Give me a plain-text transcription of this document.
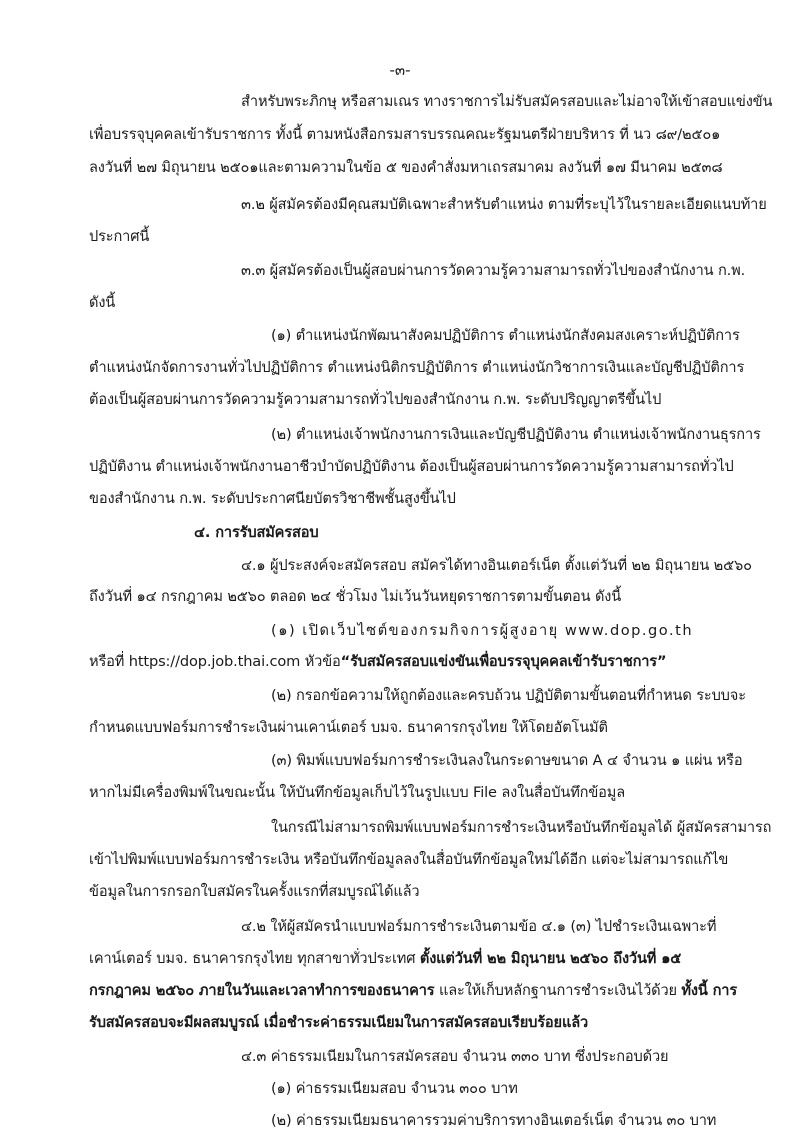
-๓-

สำหรับพระภิกษุ หรือสามเณร ทางราชการไม่รับสมัครสอบและไม่อาจให้เข้าสอบแข่งขัน

เพื่อบรรจุบุคคลเข้ารับราชการ ทั้งนี้ ตามหนังสือกรมสารบรรณคณะรัฐมนตรีฝ่ายบริหาร ที่ นว ๘๙/๒๕๐๑

ลงวันที่ ๒๗ มิถุนายน ๒๕๐๑และตามความในข้อ ๕ ของคำสั่งมหาเถรสมาคม ลงวันที่ ๑๗ มีนาคม ๒๕๓๘

๓.๒ ผู้สมัครต้องมีคุณสมบัติเฉพาะสำหรับตำแหน่ง ตามที่ระบุไว้ในรายละเอียดแนบท้าย

ประกาศนี้

๓.๓ ผู้สมัครต้องเป็นผู้สอบผ่านการวัดความรู้ความสามารถทั่วไปของสำนักงาน ก.พ.

ดังนี้

(๑) ตำแหน่งนักพัฒนาสังคมปฏิบัติการ ตำแหน่งนักสังคมสงเคราะห์ปฏิบัติการ

ตำแหน่งนักจัดการงานทั่วไปปฏิบัติการ ตำแหน่งนิติกรปฏิบัติการ ตำแหน่งนักวิชาการเงินและบัญชีปฏิบัติการ

ต้องเป็นผู้สอบผ่านการวัดความรู้ความสามารถทั่วไปของสำนักงาน ก.พ. ระดับปริญญาตรีขึ้นไป

(๒) ตำแหน่งเจ้าพนักงานการเงินและบัญชีปฏิบัติงาน ตำแหน่งเจ้าพนักงานธุรการ

ปฏิบัติงาน ตำแหน่งเจ้าพนักงานอาชีวบำบัดปฏิบัติงาน ต้องเป็นผู้สอบผ่านการวัดความรู้ความสามารถทั่วไป

ของสำนักงาน ก.พ. ระดับประกาศนียบัตรวิชาชีพชั้นสูงขึ้นไป

๔. การรับสมัครสอบ

๔.๑ ผู้ประสงค์จะสมัครสอบ สมัครได้ทางอินเตอร์เน็ต ตั้งแต่วันที่ ๒๒ มิถุนายน ๒๕๖๐

ถึงวันที่ ๑๔ กรกฎาคม ๒๕๖๐ ตลอด ๒๔ ชั่วโมง ไม่เว้นวันหยุดราชการตามขั้นตอน ดังนี้

(๑) เปิดเว็บไซต์ของกรมกิจการผู้สูงอายุ www.dop.go.th

หรือที่ https://dop.job.thai.com หัวข้อ“รับสมัครสอบแข่งขันเพื่อบรรจุบุคคลเข้ารับราชการ”

(๒) กรอกข้อความให้ถูกต้องและครบถ้วน ปฏิบัติตามขั้นตอนที่กำหนด ระบบจะ

กำหนดแบบฟอร์มการชำระเงินผ่านเคาน์เตอร์ บมจ. ธนาคารกรุงไทย ให้โดยอัตโนมัติ

(๓) พิมพ์แบบฟอร์มการชำระเงินลงในกระดาษขนาด A ๔ จำนวน ๑ แผ่น หรือ

หากไม่มีเครื่องพิมพ์ในขณะนั้น ให้บันทึกข้อมูลเก็บไว้ในรูปแบบ File ลงในสื่อบันทึกข้อมูล

ในกรณีไม่สามารถพิมพ์แบบฟอร์มการชำระเงินหรือบันทึกข้อมูลได้ ผู้สมัครสามารถ

เข้าไปพิมพ์แบบฟอร์มการชำระเงิน หรือบันทึกข้อมูลลงในสื่อบันทึกข้อมูลใหม่ได้อีก แต่จะไม่สามารถแก้ไข

ข้อมูลในการกรอกใบสมัครในครั้งแรกที่สมบูรณ์ได้แล้ว

๔.๒ ให้ผู้สมัครนำแบบฟอร์มการชำระเงินตามข้อ ๔.๑ (๓) ไปชำระเงินเฉพาะที่

เคาน์เตอร์ บมจ. ธนาคารกรุงไทย ทุกสาขาทั่วประเทศ ตั้งแต่วันที่ ๒๒ มิถุนายน ๒๕๖๐ ถึงวันที่ ๑๕
กรกฎาคม ๒๕๖๐ ภายในวันและเวลาทำการของธนาคาร และให้เก็บหลักฐานการชำระเงินไว้ด้วย ทั้งนี้ การ

รับสมัครสอบจะมีผลสมบูรณ์ เมื่อชำระค่าธรรมเนียมในการสมัครสอบเรียบร้อยแล้ว

๔.๓ ค่าธรรมเนียมในการสมัครสอบ จำนวน ๓๓๐ บาท ซึ่งประกอบด้วย

(๑) ค่าธรรมเนียมสอบ จำนวน ๓๐๐ บาท

(๒) ค่าธรรมเนียมธนาคารรวมค่าบริการทางอินเตอร์เน็ต จำนวน ๓๐ บาท
